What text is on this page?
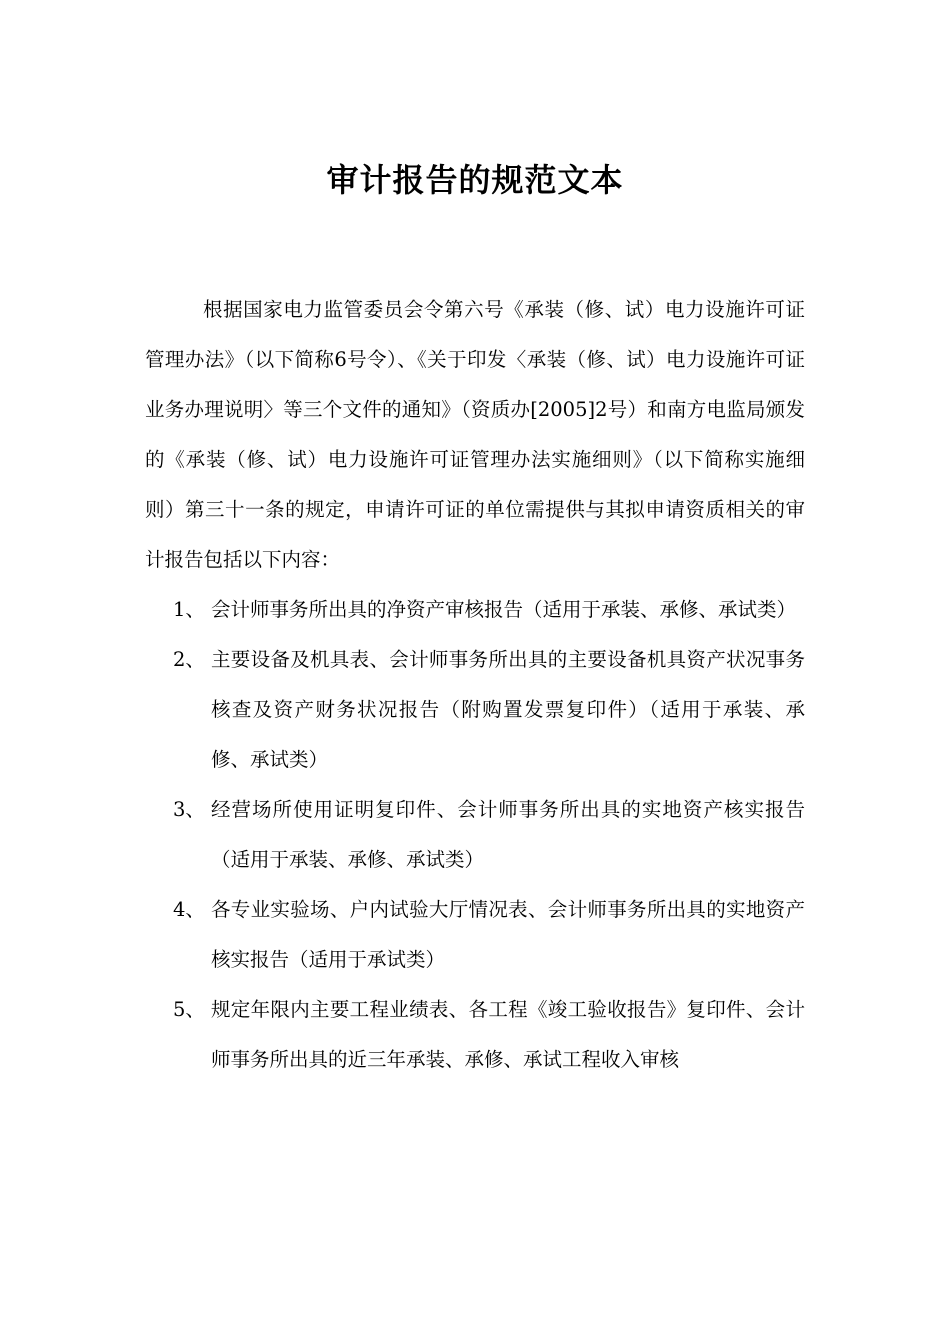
审计报告的规范文本

根据国家电力监管委员会令第六号《承装（修、试）电力设施许可证管理办法》（以下简称6号令）、《关于印发〈承装（修、试）电力设施许可证业务办理说明〉等三个文件的通知》（资质办[2005]2号）和南方电监局颁发的《承装（修、试）电力设施许可证管理办法实施细则》（以下简称实施细则）第三十一条的规定，申请许可证的单位需提供与其拟申请资质相关的审计报告包括以下内容：

1、 会计师事务所出具的净资产审核报告（适用于承装、承修、承试类）
2、 主要设备及机具表、会计师事务所出具的主要设备机具资产状况事务核查及资产财务状况报告（附购置发票复印件）（适用于承装、承修、承试类）
3、 经营场所使用证明复印件、会计师事务所出具的实地资产核实报告（适用于承装、承修、承试类）
4、 各专业实验场、户内试验大厅情况表、会计师事务所出具的实地资产核实报告（适用于承试类）
5、 规定年限内主要工程业绩表、各工程《竣工验收报告》复印件、会计师事务所出具的近三年承装、承修、承试工程收入审核
